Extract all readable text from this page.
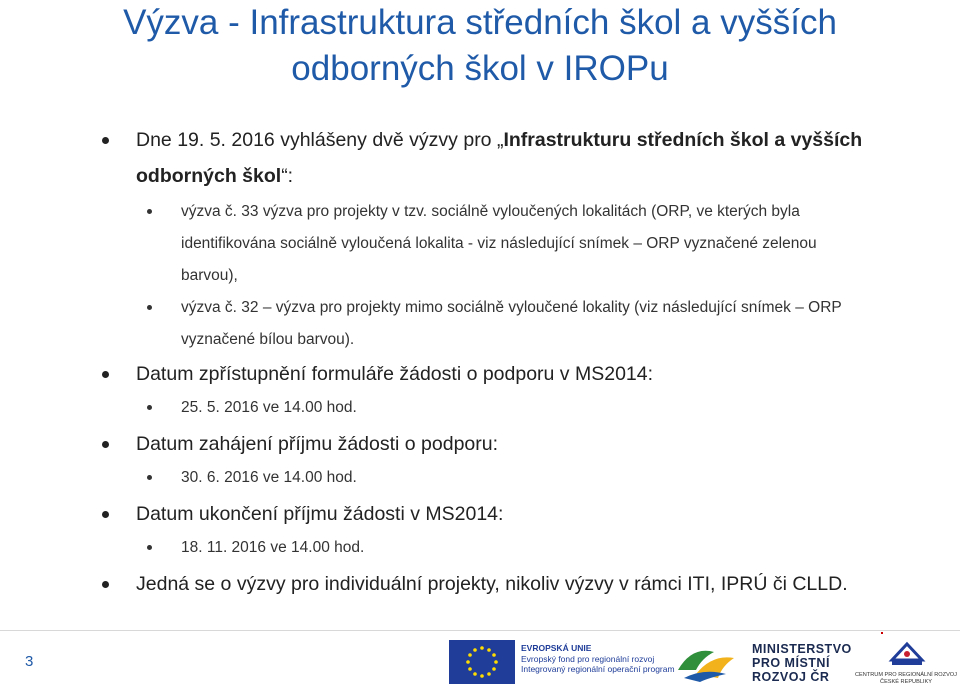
Výzva - Infrastruktura středních škol a vyšších
odborných škol v IROPu
Dne 19. 5. 2016 vyhlášeny dvě výzvy pro „Infrastrukturu středních škol a vyšších
odborných škol“:
výzva č. 33 výzva pro projekty v tzv. sociálně vyloučených lokalitách (ORP, ve kterých byla
identifikována sociálně vyloučená lokalita - viz následující snímek – ORP vyznačené zelenou
barvou),
výzva č. 32 – výzva pro projekty mimo sociálně vyloučené lokality (viz následující snímek – ORP
vyznačené bílou barvou).
Datum zpřístupnění formuláře žádosti o podporu v MS2014:
25. 5. 2016 ve 14.00 hod.
Datum zahájení příjmu žádosti o podporu:
30. 6. 2016 ve 14.00 hod.
Datum ukončení příjmu žádosti v MS2014:
18. 11. 2016 ve 14.00 hod.
Jedná se o výzvy pro individuální projekty, nikoliv výzvy v rámci ITI, IPRÚ či CLLD.
3
EVROPSKÁ UNIE
Evropský fond pro regionální rozvoj
Integrovaný regionální operační program
MINISTERSTVO
PRO MÍSTNÍ
ROZVOJ ČR	CENTRUM PRO REGIONÁLNÍ ROZVOJ
ČESKÉ REPUBLIKY
